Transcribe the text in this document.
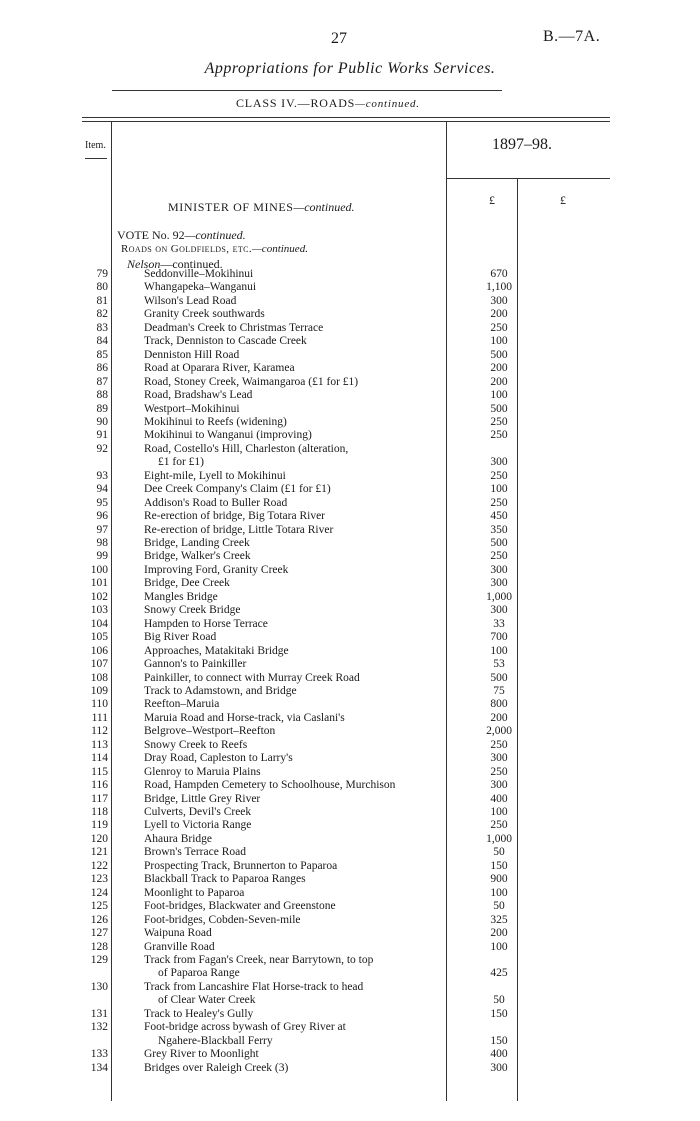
27	B.—7A.
Appropriations for Public Works Services.
CLASS IV.—ROADS—continued.
Item.	1897–98.
£	£
MINISTER OF MINES—continued.
VOTE No. 92—continued.
Roads on Goldfields, etc.—continued.
Nelson—continued.
79	Seddonville–Mokihinui	670
80	Whangapeka–Wanganui	1,100
81	Wilson's Lead Road	300
82	Granity Creek southwards	200
83	Deadman's Creek to Christmas Terrace	250
84	Track, Denniston to Cascade Creek	100
85	Denniston Hill Road	500
86	Road at Oparara River, Karamea	200
87	Road, Stoney Creek, Waimangaroa (£1 for £1)	200
88	Road, Bradshaw's Lead	100
89	Westport–Mokihinui	500
90	Mokihinui to Reefs (widening)	250
91	Mokihinui to Wanganui (improving)	250
92	Road, Costello's Hill, Charleston (alteration,
£1 for £1)	300
93	Eight-mile, Lyell to Mokihinui	250
94	Dee Creek Company's Claim (£1 for £1)	100
95	Addison's Road to Buller Road	250
96	Re-erection of bridge, Big Totara River	450
97	Re-erection of bridge, Little Totara River	350
98	Bridge, Landing Creek	500
99	Bridge, Walker's Creek	250
100	Improving Ford, Granity Creek	300
101	Bridge, Dee Creek	300
102	Mangles Bridge	1,000
103	Snowy Creek Bridge	300
104	Hampden to Horse Terrace	33
105	Big River Road	700
106	Approaches, Matakitaki Bridge	100
107	Gannon's to Painkiller	53
108	Painkiller, to connect with Murray Creek Road	500
109	Track to Adamstown, and Bridge	75
110	Reefton–Maruia	800
111	Maruia Road and Horse-track, via Caslani's	200
112	Belgrove–Westport–Reefton	2,000
113	Snowy Creek to Reefs	250
114	Dray Road, Capleston to Larry's	300
115	Glenroy to Maruia Plains	250
116	Road, Hampden Cemetery to Schoolhouse, Murchison	300
117	Bridge, Little Grey River	400
118	Culverts, Devil's Creek	100
119	Lyell to Victoria Range	250
120	Ahaura Bridge	1,000
121	Brown's Terrace Road	50
122	Prospecting Track, Brunnerton to Paparoa	150
123	Blackball Track to Paparoa Ranges	900
124	Moonlight to Paparoa	100
125	Foot-bridges, Blackwater and Greenstone	50
126	Foot-bridges, Cobden-Seven-mile	325
127	Waipuna Road	200
128	Granville Road	100
129	Track from Fagan's Creek, near Barrytown, to top
of Paparoa Range	425
130	Track from Lancashire Flat Horse-track to head
of Clear Water Creek	50
131	Track to Healey's Gully	150
132	Foot-bridge across bywash of Grey River at
Ngahere-Blackball Ferry	150
133	Grey River to Moonlight	400
134	Bridges over Raleigh Creek (3)	300
